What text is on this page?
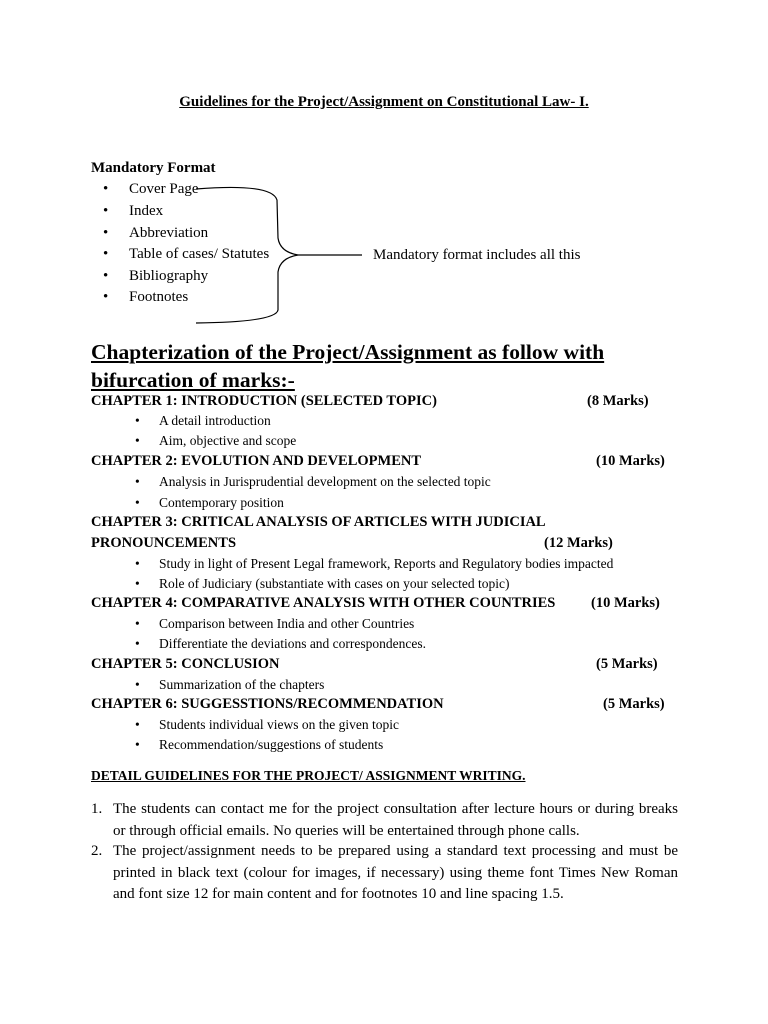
Guidelines for the Project/Assignment on Constitutional Law- I.
Mandatory Format
• Cover Page
• Index
• Abbreviation
• Table of cases/ Statutes
• Bibliography
• Footnotes
Mandatory format includes all this
Chapterization of the Project/Assignment as follow with bifurcation of marks:-
CHAPTER 1: INTRODUCTION (SELECTED TOPIC)	(8 Marks)
• A detail introduction
• Aim, objective and scope
CHAPTER 2: EVOLUTION AND DEVELOPMENT	(10 Marks)
• Analysis in Jurisprudential development on the selected topic
• Contemporary position
CHAPTER 3: CRITICAL ANALYSIS OF ARTICLES WITH JUDICIAL
PRONOUNCEMENTS	(12 Marks)
• Study in light of Present Legal framework, Reports and Regulatory bodies impacted
• Role of Judiciary (substantiate with cases on your selected topic)
CHAPTER 4: COMPARATIVE ANALYSIS WITH OTHER COUNTRIES (10 Marks)
• Comparison between India and other Countries
• Differentiate the deviations and correspondences.
CHAPTER 5: CONCLUSION	(5 Marks)
• Summarization of the chapters
CHAPTER 6: SUGGESSTIONS/RECOMMENDATION	(5 Marks)
• Students individual views on the given topic
• Recommendation/suggestions of students
DETAIL GUIDELINES FOR THE PROJECT/ ASSIGNMENT WRITING.
1. The students can contact me for the project consultation after lecture hours or during breaks or through official emails. No queries will be entertained through phone calls.
2. The project/assignment needs to be prepared using a standard text processing and must be printed in black text (colour for images, if necessary) using theme font Times New Roman and font size 12 for main content and for footnotes 10 and line spacing 1.5.
